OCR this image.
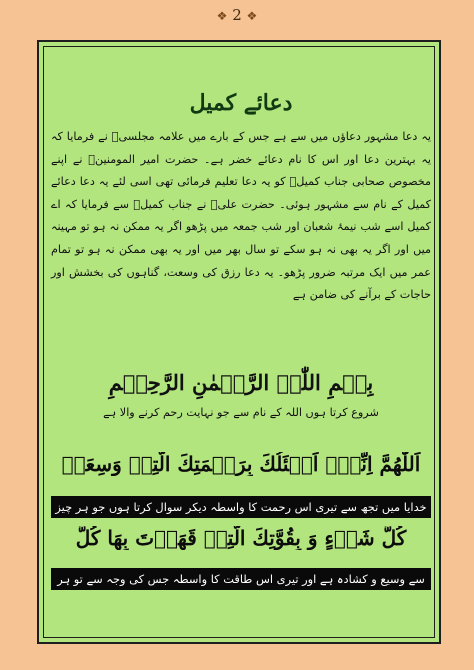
❖ 2 ❖
دعائے کمیل
یہ دعا مشہور دعاؤں میں سے ہے جس کے بارے میں علامہ مجلسیؒ نے فرمایا کہ یہ بہترین دعا اور اس کا نام دعائے خضر ہے۔ حضرت امیر المومنینؑ نے اپنے مخصوص صحابی جناب کمیلؒ کو یہ دعا تعلیم فرمائی تھی اسی لئے یہ دعا دعائے کمیل کے نام سے مشہور ہوئی۔ حضرت علیؑ نے جناب کمیلؒ سے فرمایا کہ اے کمیل اسے شب نیمۂ شعبان اور شب جمعہ میں پڑھو اگر یہ ممکن نہ ہو تو مہینہ میں اور اگر یہ بھی نہ ہو سکے تو سال بھر میں اور یہ بھی ممکن نہ ہو تو تمام عمر میں ایک مرتبہ ضرور پڑھو۔ یہ دعا رزق کی وسعت، گناہوں کی بخشش اور حاجات کے برآنے کی ضامن ہے
بِسۡمِ اللّٰہِ الرَّحۡمٰنِ الرَّحِیۡمِ
شروع کرتا ہوں اللہ کے نام سے جو نہایت رحم کرنے والا ہے
اَللّٰهُمَّ اِنِّیۡۤ اَسۡئَلُكَ بِرَحۡمَتِكَ الَّتِیۡ وَسِعَتۡ
خدایا میں تجھ سے تیری اس رحمت کا واسطہ دیکر سوال کرتا ہوں جو ہر چیز
كُلَّ شَيۡءٍ وَ بِقُوَّتِكَ الَّتِیۡ قَهَرۡتَ بِهَا كُلَّ
سے وسیع و کشادہ ہے اور تیری اس طاقت کا واسطہ جس کی وجہ سے تو ہر
